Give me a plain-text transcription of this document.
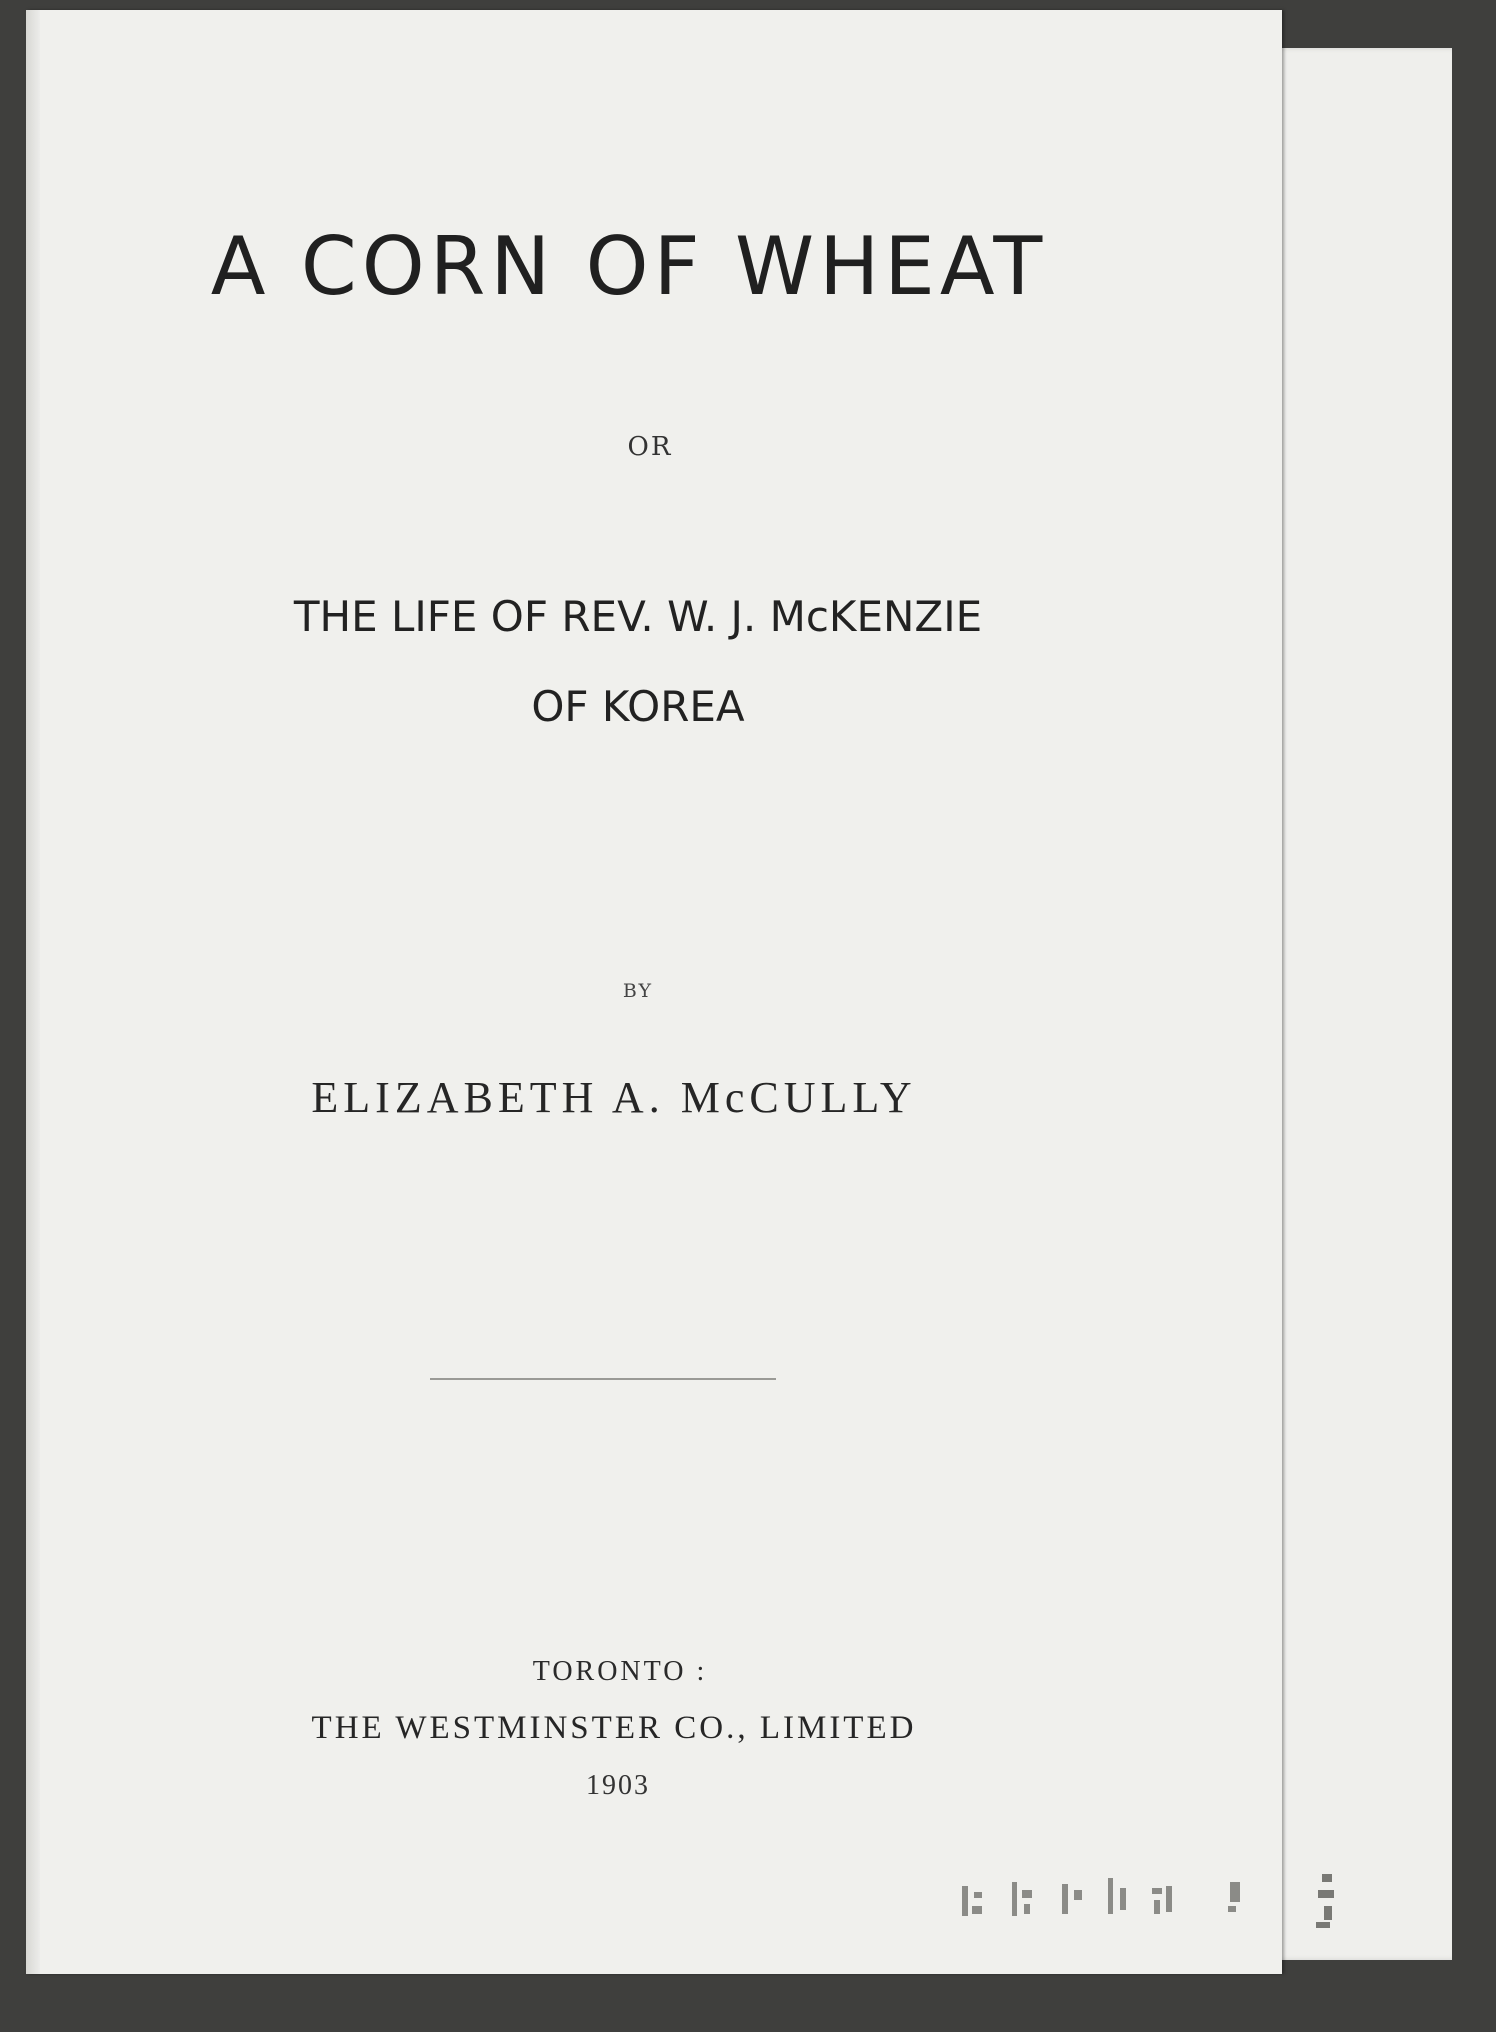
A CORN OF WHEAT
OR
THE LIFE OF REV. W. J. McKENZIE
OF KOREA
BY
ELIZABETH A. McCULLY
TORONTO :
THE WESTMINSTER CO., LIMITED
1903
